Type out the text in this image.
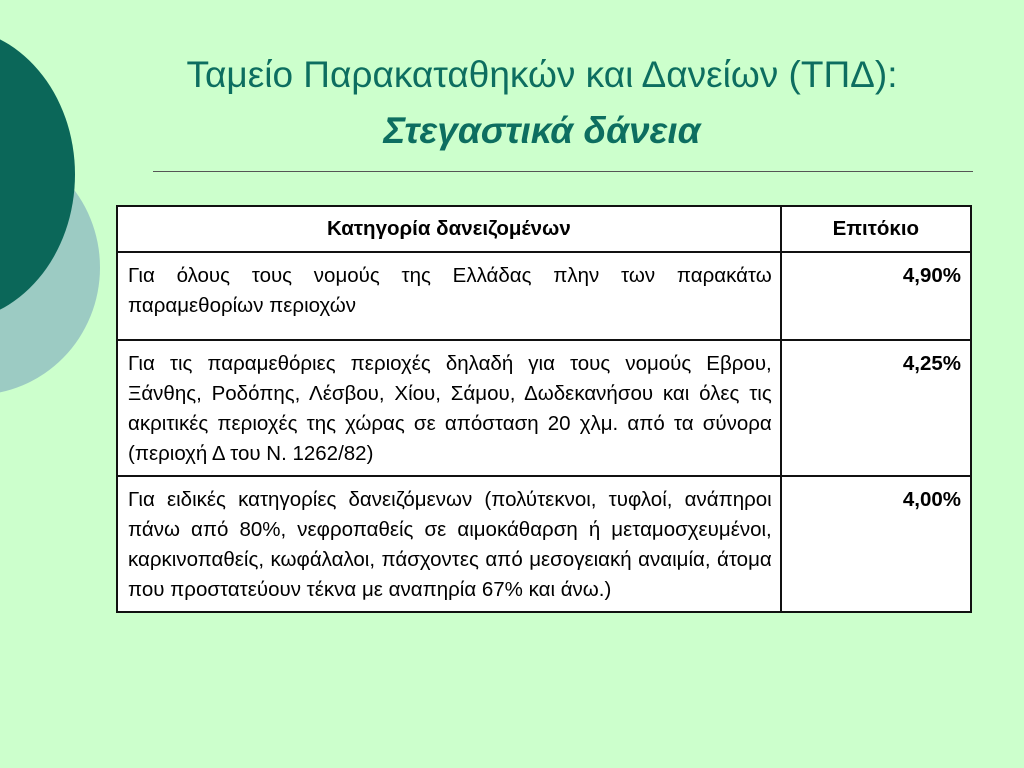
Ταμείο Παρακαταθηκών και Δανείων (ΤΠΔ):
Στεγαστικά δάνεια
Κατηγορία δανειζομένων	Επιτόκιο
Για όλους τους νομούς της Ελλάδας πλην των παρακάτω παραμεθορίων περιοχών	4,90%
Για τις παραμεθόριες περιοχές δηλαδή για τους νομούς Εβρου, Ξάνθης, Ροδόπης, Λέσβου, Χίου, Σάμου, Δωδεκανήσου και όλες τις ακριτικές περιοχές της χώρας σε απόσταση 20 χλμ. από τα σύνορα (περιοχή Δ του Ν. 1262/82)	4,25%
Για ειδικές κατηγορίες δανειζόμενων (πολύτεκνοι, τυφλοί, ανάπηροι πάνω από 80%, νεφροπαθείς σε αιμοκάθαρση ή μεταμοσχευμένοι, καρκινοπαθείς, κωφάλαλοι, πάσχοντες από μεσογειακή αναιμία, άτομα που προστατεύουν τέκνα με αναπηρία 67% και άνω.)	4,00%
